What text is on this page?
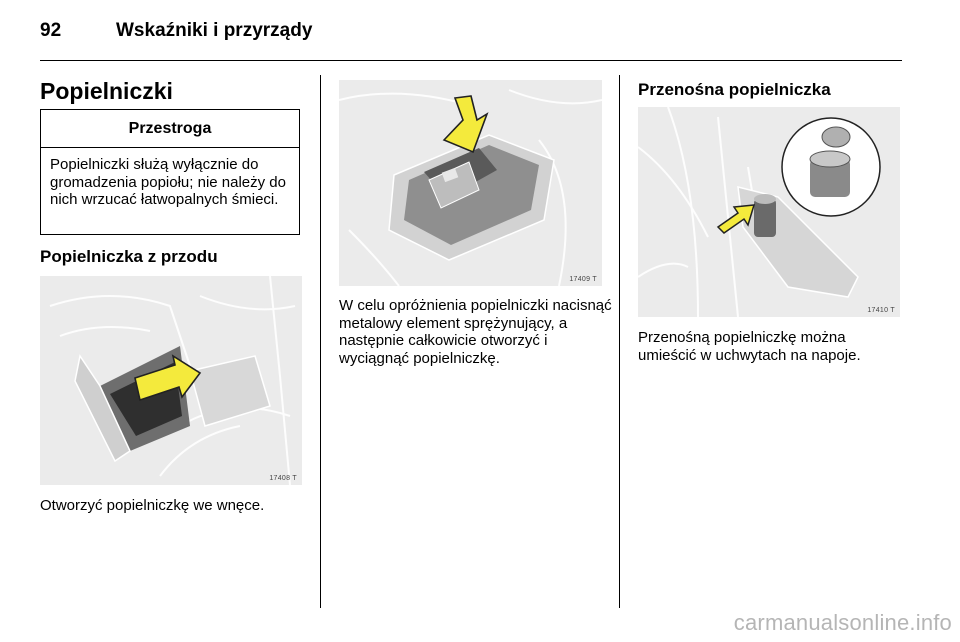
92	Wskaźniki i przyrządy
Popielniczki
Przestroga
Popielniczki służą wyłącznie do gromadzenia popiołu; nie należy do nich wrzucać łatwopalnych śmieci.
Popielniczka z przodu
17408 T
Otworzyć popielniczkę we wnęce.
17409 T
W celu opróżnienia popielniczki nacisnąć metalowy element sprężynujący, a następnie całkowicie otworzyć i wyciągnąć popielniczkę.
Przenośna popielniczka
17410 T
Przenośną popielniczkę można umieścić w uchwytach na napoje.
carmanualsonline.info
